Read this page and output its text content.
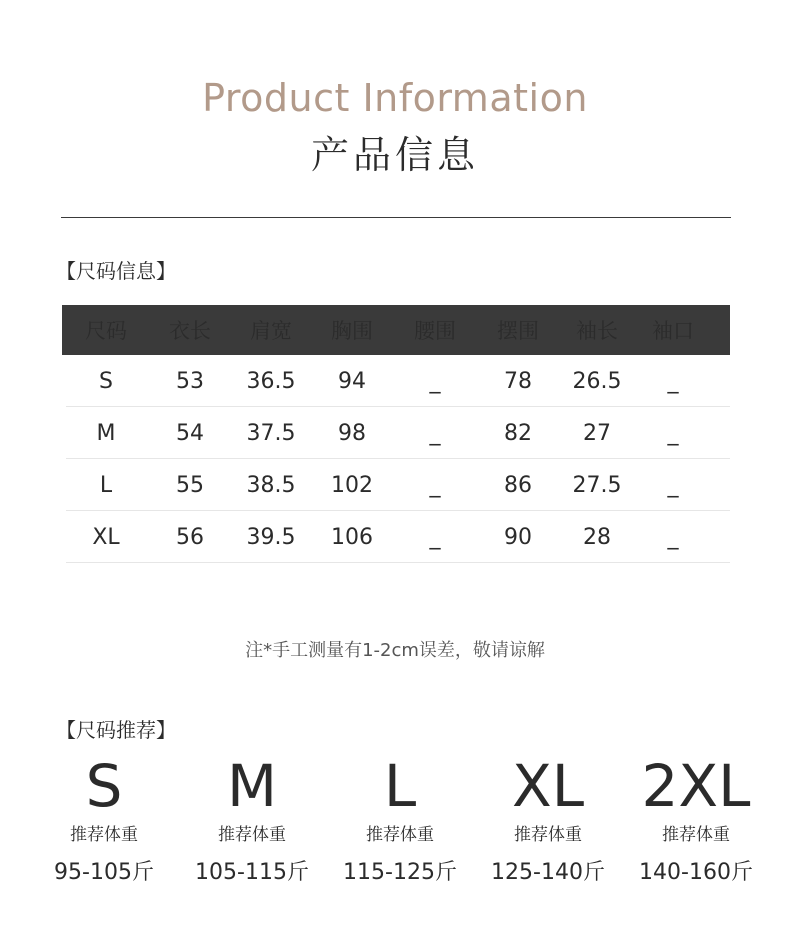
Product Information
产品信息
【尺码信息】
尺码	衣长	肩宽	胸围	腰围	摆围	袖长	袖口
S	53	36.5	94	_	78	26.5	_
M	54	37.5	98	_	82	27	_
L	55	38.5	102	_	86	27.5	_
XL	56	39.5	106	_	90	28	_
注*手工测量有1-2cm误差，敬请谅解
【尺码推荐】
S
推荐体重
95-105斤
M
推荐体重
105-115斤
L
推荐体重
115-125斤
XL
推荐体重
125-140斤
2XL
推荐体重
140-160斤
